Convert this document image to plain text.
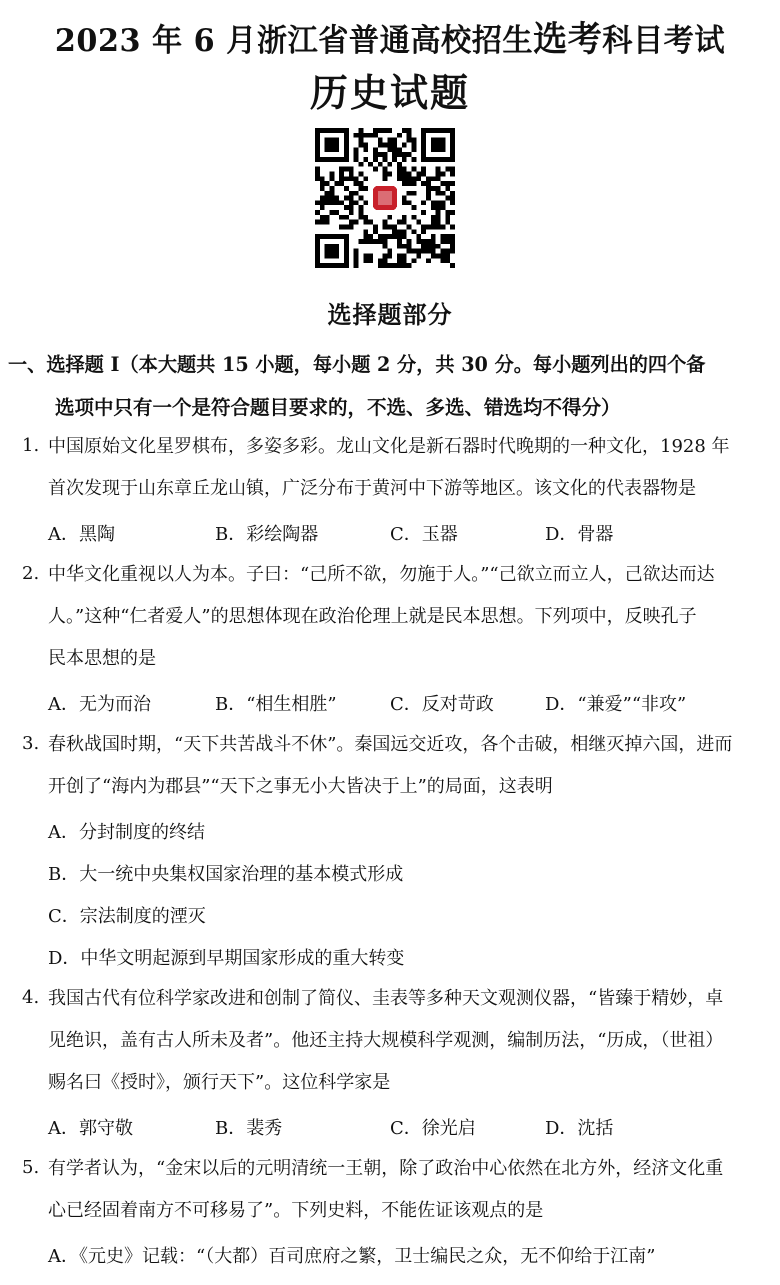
2023 年 6 月浙江省普通高校招生选考科目考试
历史试题
选择题部分
一、选择题 I（本大题共 15 小题，每小题 2 分，共 30 分。每小题列出的四个备
选项中只有一个是符合题目要求的，不选、多选、错选均不得分）
1. 中国原始文化星罗棋布，多姿多彩。龙山文化是新石器时代晚期的一种文化，1928 年
首次发现于山东章丘龙山镇，广泛分布于黄河中下游等地区。该文化的代表器物是
A．黑陶	B．彩绘陶器	C．玉器	D．骨器
2. 中华文化重视以人为本。子曰：“己所不欲，勿施于人。”“己欲立而立人，己欲达而达
人。”这种“仁者爱人”的思想体现在政治伦理上就是民本思想。下列项中，反映孔子
民本思想的是
A．无为而治	B．“相生相胜”	C．反对苛政	D．“兼爱”“非攻”
3. 春秋战国时期，“天下共苦战斗不休”。秦国远交近攻，各个击破，相继灭掉六国，进而
开创了“海内为郡县”“天下之事无小大皆决于上”的局面，这表明
A．分封制度的终结
B．大一统中央集权国家治理的基本模式形成
C．宗法制度的湮灭
D．中华文明起源到早期国家形成的重大转变
4. 我国古代有位科学家改进和创制了简仪、圭表等多种天文观测仪器，“皆臻于精妙，卓
见绝识，盖有古人所未及者”。他还主持大规模科学观测，编制历法，“历成，（世祖）
赐名曰《授时》，颁行天下”。这位科学家是
A．郭守敬	B．裴秀	C．徐光启	D．沈括
5. 有学者认为，“金宋以后的元明清统一王朝，除了政治中心依然在北方外，经济文化重
心已经固着南方不可移易了”。下列史料，不能佐证该观点的是
A．《元史》记载：“（大都）百司庶府之繁，卫士编民之众，无不仰给于江南”
